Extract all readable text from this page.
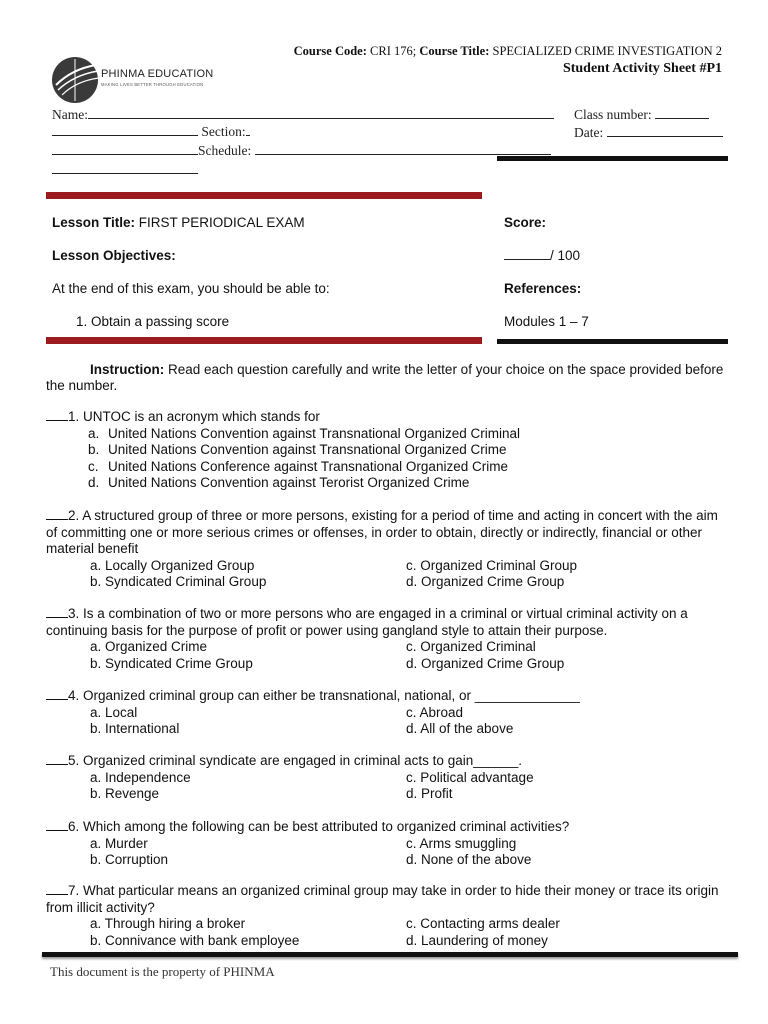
PHINMA EDUCATION
MAKING LIVES BETTER THROUGH EDUCATION
Course Code: CRI 176; Course Title: SPECIALIZED CRIME INVESTIGATION 2
Student Activity Sheet #P1
Name:
Section:
Schedule:
Class number:
Date:
Lesson Title: FIRST PERIODICAL EXAM
Lesson Objectives:
At the end of this exam, you should be able to:
1. Obtain a passing score
Score:
/ 100
References:
Modules 1 – 7
Instruction: Read each question carefully and write the letter of your choice on the space provided before the number.

1. UNTOC is an acronym which stands for

a. United Nations Convention against Transnational Organized Criminal
b. United Nations Convention against Transnational Organized Crime
c. United Nations Conference against Transnational Organized Crime
d. United Nations Convention against Terorist Organized Crime

2. A structured group of three or more persons, existing for a period of time and acting in concert with the aim of committing one or more serious crimes or offenses, in order to obtain, directly or indirectly, financial or other material benefit

a. Locally Organized Group	c. Organized Criminal Group
b. Syndicated Criminal Group	d. Organized Crime Group

3. Is a combination of two or more persons who are engaged in a criminal or virtual criminal activity on a continuing basis for the purpose of profit or power using gangland style to attain their purpose.

a. Organized Crime	c. Organized Criminal
b. Syndicated Crime Group	d. Organized Crime Group

4. Organized criminal group can either be transnational, national, or ______________

a. Local	c. Abroad
b. International	d. All of the above

5. Organized criminal syndicate are engaged in criminal acts to gain______.

a. Independence	c. Political advantage
b. Revenge	d. Profit

6. Which among the following can be best attributed to organized criminal activities?

a. Murder	c. Arms smuggling
b. Corruption	d. None of the above

7. What particular means an organized criminal group may take in order to hide their money or trace its origin from illicit activity?

a. Through hiring a broker	c. Contacting arms dealer
b. Connivance with bank employee	d. Laundering of money
This document is the property of PHINMA
